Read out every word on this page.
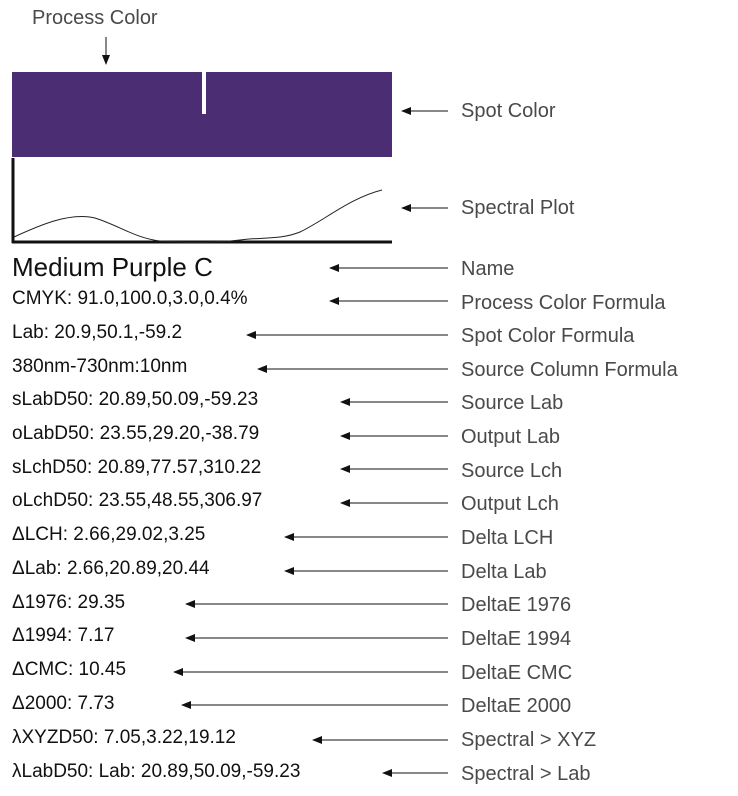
Process Color
Spot Color
Spectral Plot
Medium Purple C	Name
CMYK: 91.0,100.0,3.0,0.4%	Process Color Formula
Lab: 20.9,50.1,-59.2	Spot Color Formula
380nm-730nm:10nm	Source Column Formula
sLabD50: 20.89,50.09,-59.23	Source Lab
oLabD50: 23.55,29.20,-38.79	Output Lab
sLchD50: 20.89,77.57,310.22	Source Lch
oLchD50: 23.55,48.55,306.97	Output Lch
ΔLCH: 2.66,29.02,3.25	Delta LCH
ΔLab: 2.66,20.89,20.44	Delta Lab
Δ1976: 29.35	DeltaE 1976
Δ1994: 7.17	DeltaE 1994
ΔCMC: 10.45	DeltaE CMC
Δ2000: 7.73	DeltaE 2000
λXYZD50: 7.05,3.22,19.12	Spectral > XYZ
λLabD50: Lab: 20.89,50.09,-59.23	Spectral > Lab
